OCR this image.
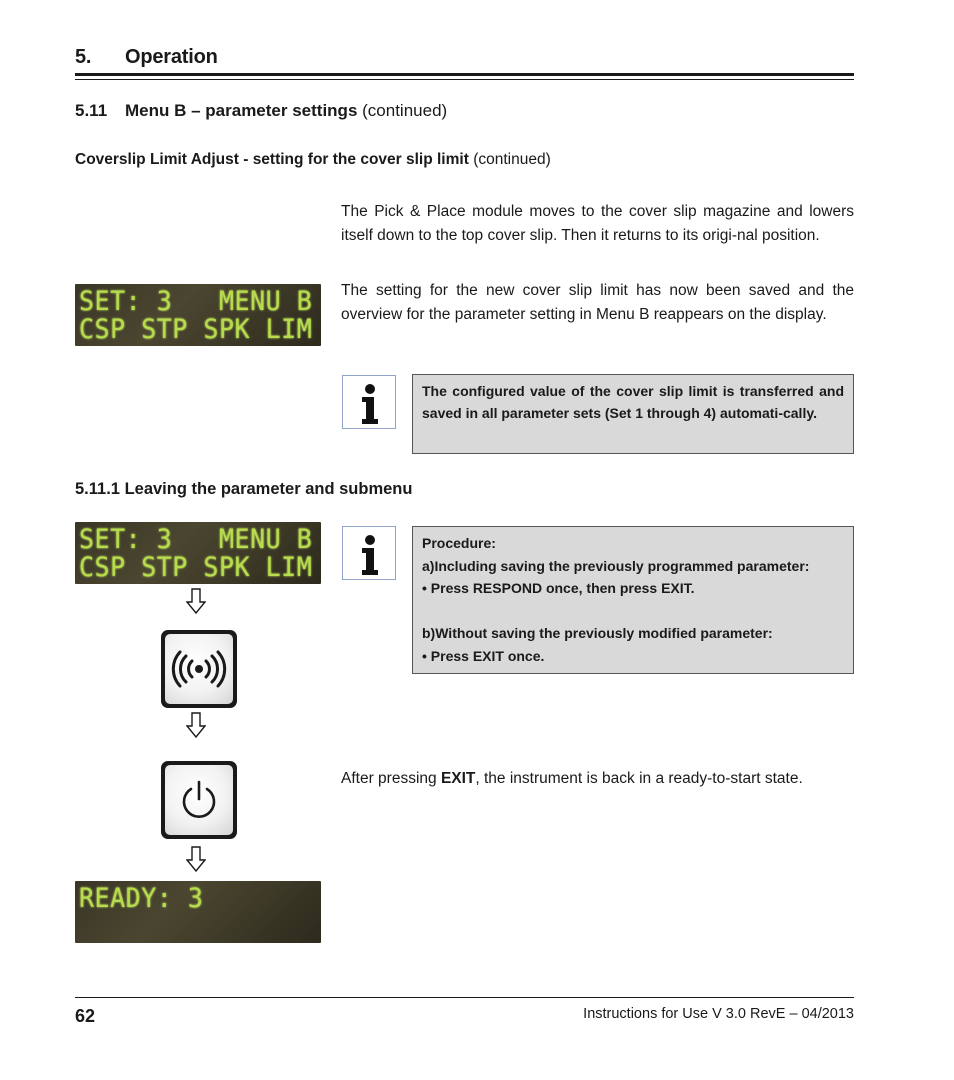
5. Operation
5.11 Menu B – parameter settings (continued)
Coverslip Limit Adjust - setting for the cover slip limit (continued)
The Pick & Place module moves to the cover slip magazine and lowers itself down to the top cover slip. Then it returns to its origi-nal position.
The setting for the new cover slip limit has now been saved and the overview for the parameter setting in Menu B reappears on the display.
SET: 3   MENU B
CSP STP SPK LIM
The configured value of the cover slip limit is transferred and saved in all parameter sets (Set 1 through 4) automati-cally.
5.11.1 Leaving the parameter and submenu
SET: 3   MENU B
CSP STP SPK LIM
Procedure:
a)Including saving the previously programmed parameter:
• Press RESPOND once, then press EXIT.
b)Without saving the previously modified parameter:
• Press EXIT once.
After pressing EXIT, the instrument is back in a ready-to-start state.
READY: 3
62	Instructions for Use V 3.0 RevE – 04/2013
